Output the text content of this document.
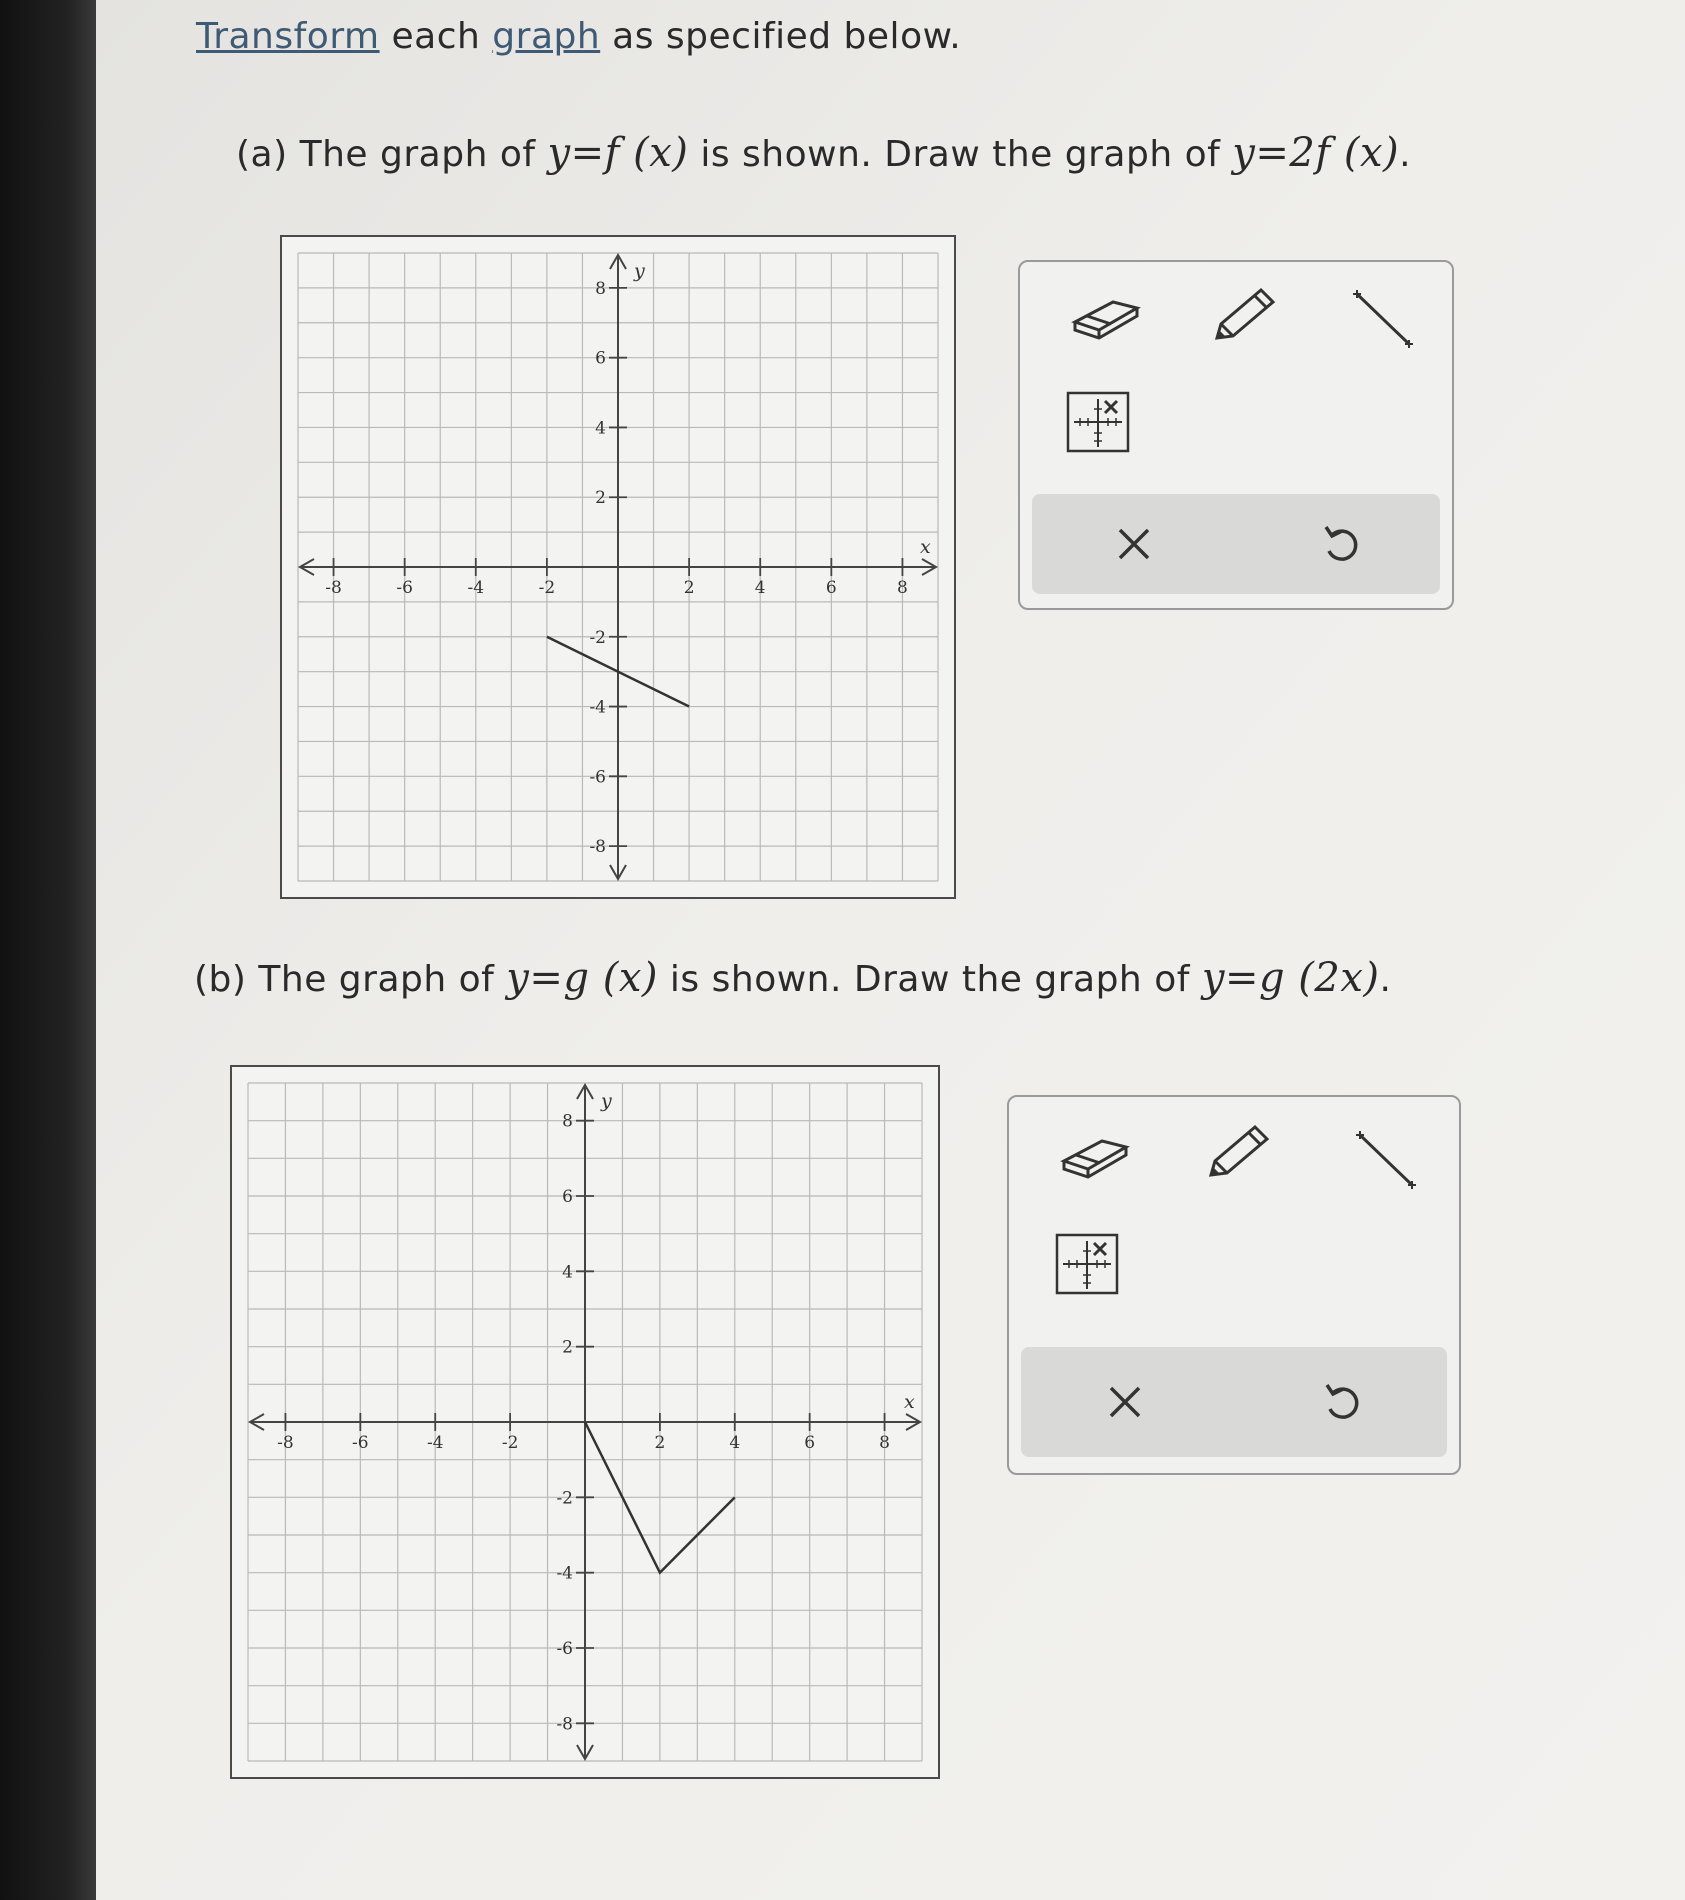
Transform each graph as specified below.
(a) The graph of y=f (x) is shown. Draw the graph of y=2f (x).
-8	-6	-4	-2	2	4	6	8
8
6
4
2
-2
-4
-6
-8
x
y
(b) The graph of y=g (x) is shown. Draw the graph of y=g (2x).
-8	-6	-4	-2	2	4	6	8
8
6
4
2
-2
-4
-6
-8
x
y
